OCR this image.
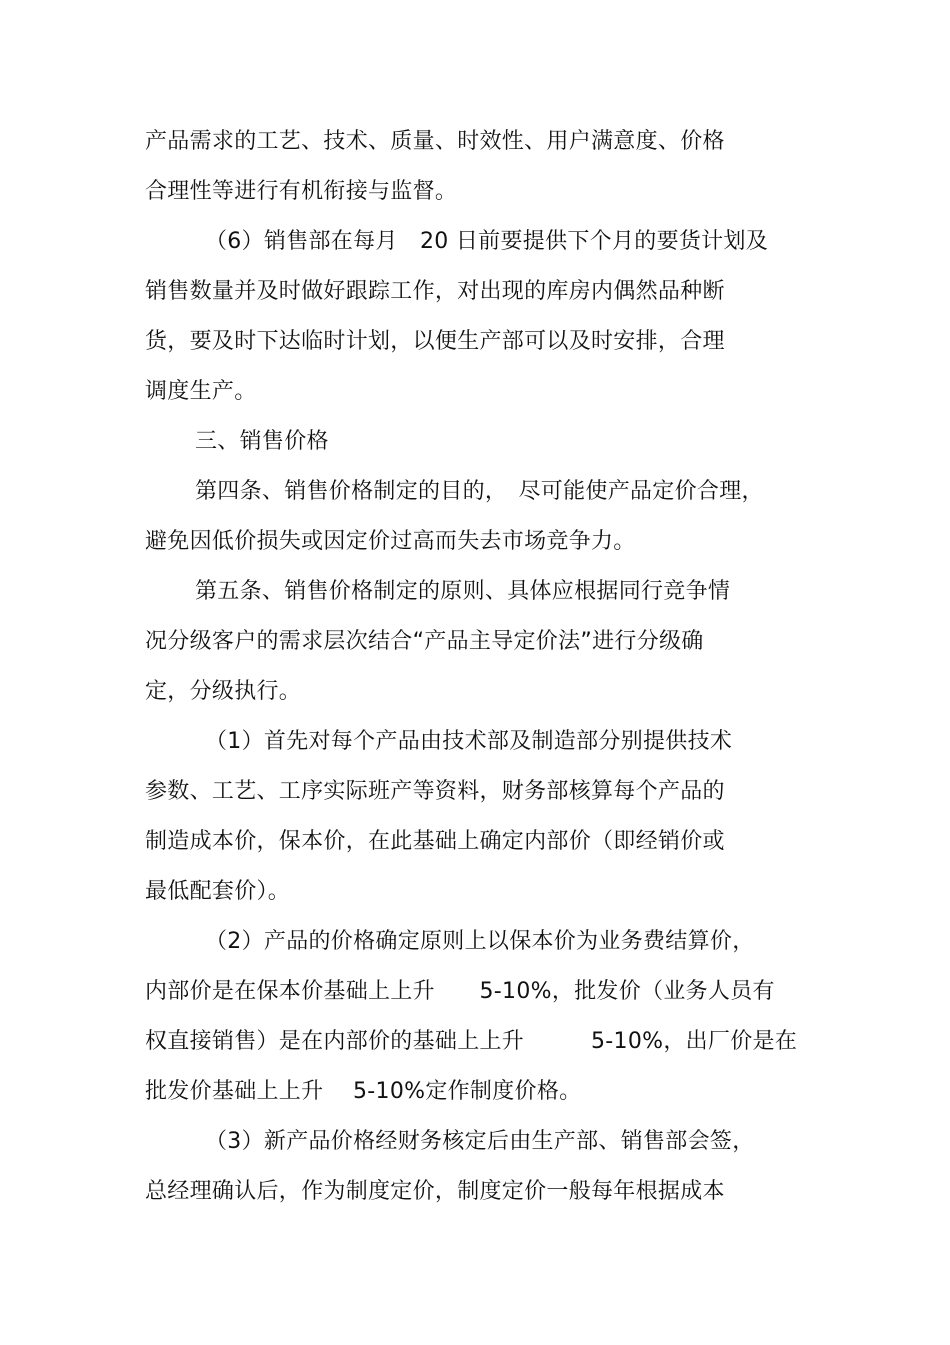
产品需求的工艺、技术、质量、时效性、用户满意度、价格
合理性等进行有机衔接与监督。
（6）销售部在每月　20 日前要提供下个月的要货计划及
销售数量并及时做好跟踪工作，对出现的库房内偶然品种断
货，要及时下达临时计划，以便生产部可以及时安排，合理
调度生产。
三、销售价格
第四条、销售价格制定的目的，　尽可能使产品定价合理，
避免因低价损失或因定价过高而失去市场竞争力。
第五条、销售价格制定的原则、具体应根据同行竞争情
况分级客户的需求层次结合“产品主导定价法”进行分级确
定，分级执行。
（1）首先对每个产品由技术部及制造部分别提供技术
参数、工艺、工序实际班产等资料，财务部核算每个产品的
制造成本价，保本价，在此基础上确定内部价（即经销价或
最低配套价）。
（2）产品的价格确定原则上以保本价为业务费结算价，
内部价是在保本价基础上上升　　5-10%，批发价（业务人员有
权直接销售）是在内部价的基础上上升　　　5-10%，出厂价是在
批发价基础上上升　 5-10%定作制度价格。
（3）新产品价格经财务核定后由生产部、销售部会签，
总经理确认后，作为制度定价，制度定价一般每年根据成本
